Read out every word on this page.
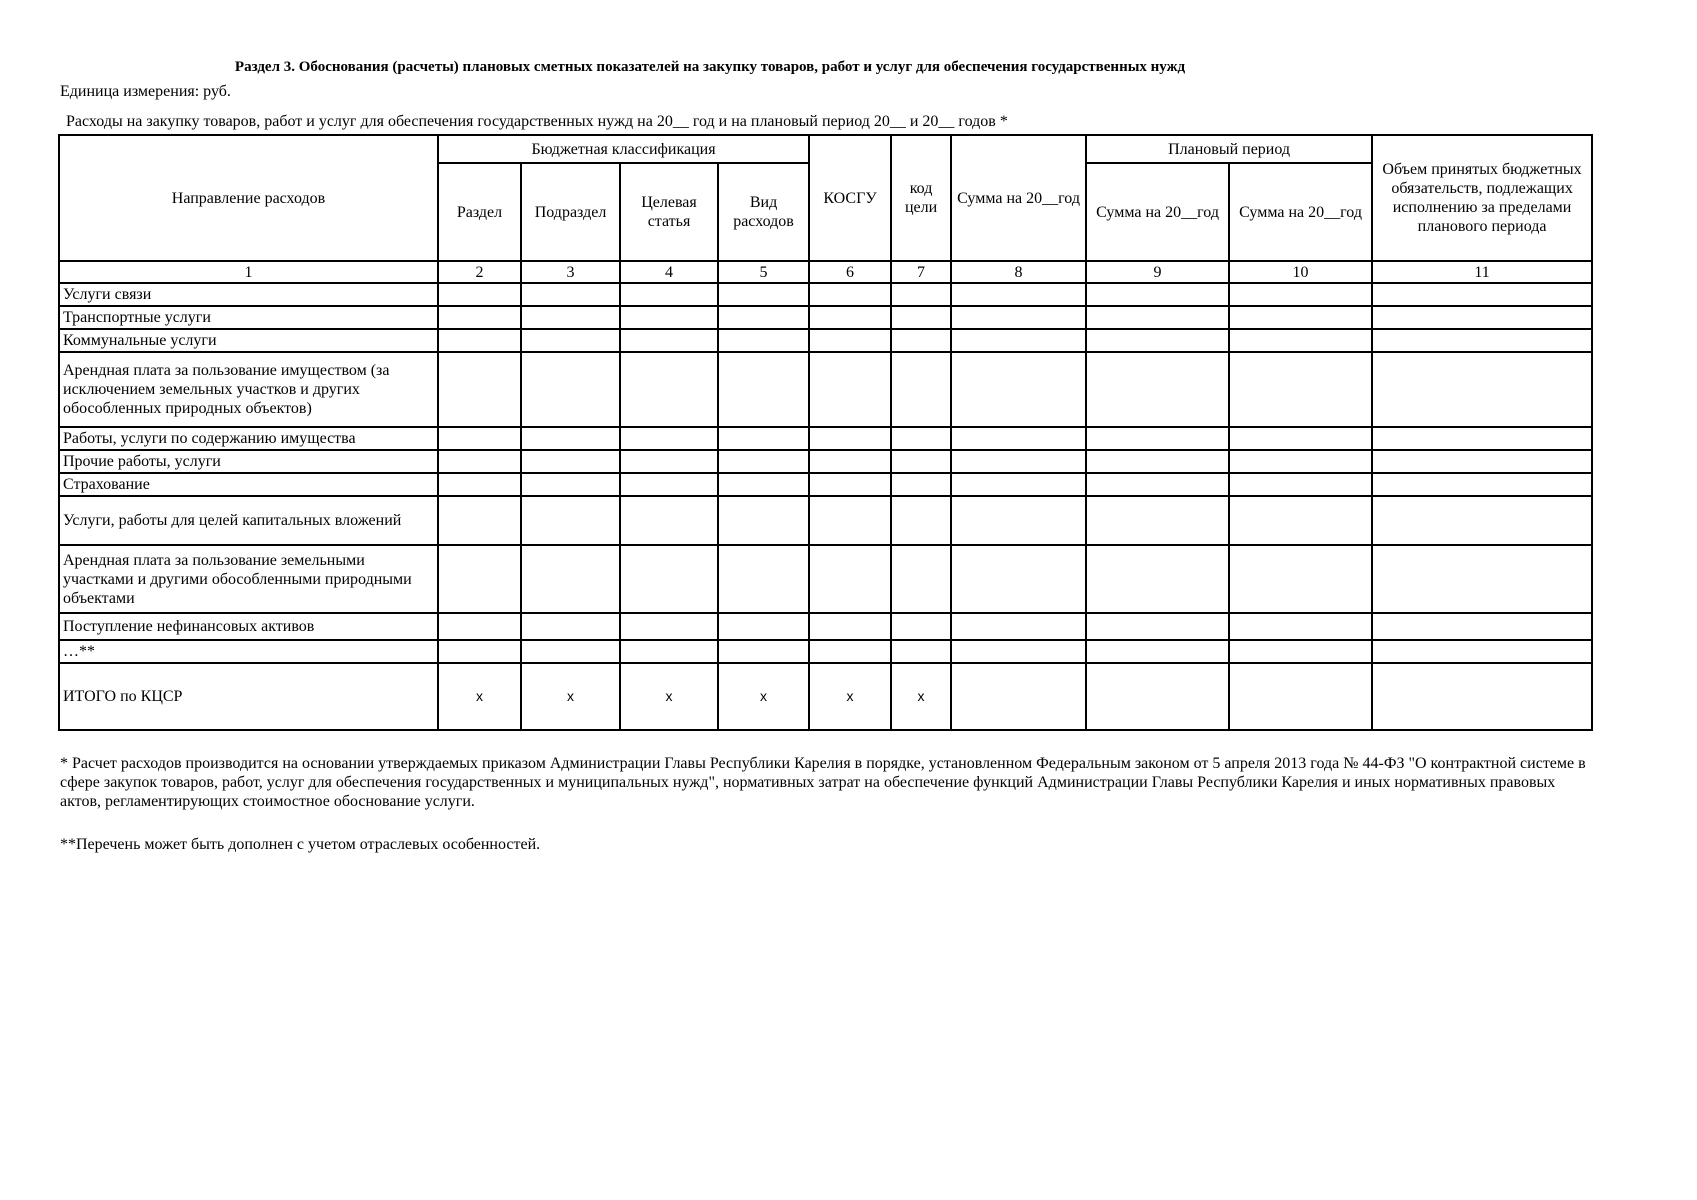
Раздел 3. Обоснования (расчеты) плановых сметных показателей на закупку товаров, работ и услуг для обеспечения государственных нужд
Единица измерения: руб.
Расходы на закупку товаров, работ и услуг для обеспечения государственных нужд на 20__ год и на плановый период 20__ и 20__ годов *
Направление расходов	Бюджетная классификация				КОСГУ	код цели	Сумма на 20__год	Плановый период		Объем принятых бюджетных обязательств, подлежащих исполнению за пределами планового периода
	Раздел	Подраздел	Целевая статья	Вид расходов				Сумма на 20__год	Сумма на 20__год	
1	2	3	4	5	6	7	8	9	10	11
Услуги связи										
Транспортные услуги										
Коммунальные услуги										
Арендная плата за пользование имуществом (за исключением земельных участков и других обособленных природных объектов)										
Работы, услуги по содержанию имущества										
Прочие работы, услуги										
Страхование										
Услуги, работы для целей капитальных вложений										
Арендная плата за пользование земельными участками и другими обособленными природными объектами										
Поступление нефинансовых активов										
…**										
ИТОГО по КЦСР	x	x	x	x	x	x				
* Расчет расходов производится на основании утверждаемых приказом Администрации Главы Республики Карелия в порядке, установленном Федеральным законом от 5 апреля 2013 года № 44-ФЗ "О контрактной системе в сфере закупок товаров, работ, услуг для обеспечения государственных и муниципальных нужд", нормативных затрат на обеспечение функций Администрации Главы Республики Карелия и иных нормативных правовых актов, регламентирующих стоимостное обоснование услуги.
**Перечень может быть дополнен с учетом отраслевых особенностей.
